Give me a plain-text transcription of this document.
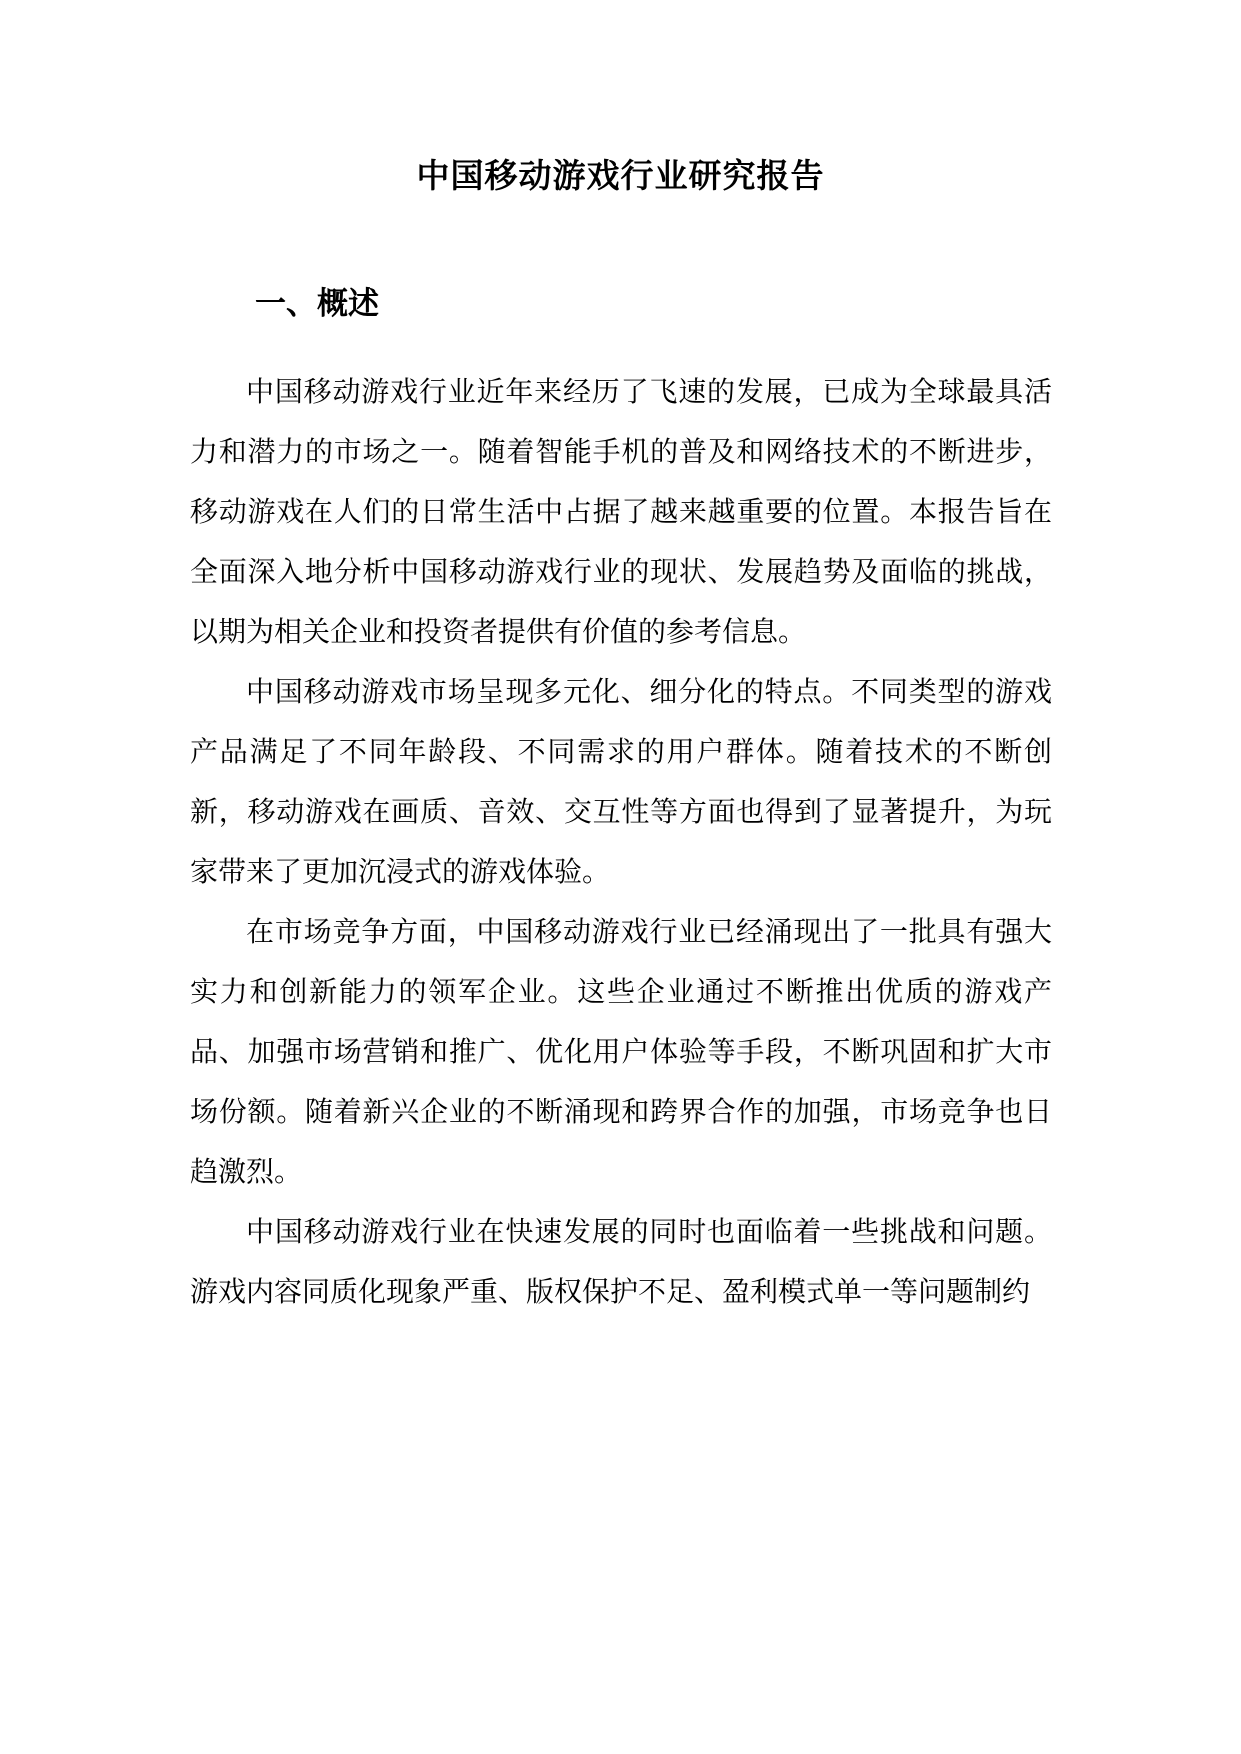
中国移动游戏行业研究报告
一、概述

中国移动游戏行业近年来经历了飞速的发展，已成为全球最具活力和潜力的市场之一。随着智能手机的普及和网络技术的不断进步，移动游戏在人们的日常生活中占据了越来越重要的位置。本报告旨在全面深入地分析中国移动游戏行业的现状、发展趋势及面临的挑战，以期为相关企业和投资者提供有价值的参考信息。

中国移动游戏市场呈现多元化、细分化的特点。不同类型的游戏产品满足了不同年龄段、不同需求的用户群体。随着技术的不断创新，移动游戏在画质、音效、交互性等方面也得到了显著提升，为玩家带来了更加沉浸式的游戏体验。

在市场竞争方面，中国移动游戏行业已经涌现出了一批具有强大实力和创新能力的领军企业。这些企业通过不断推出优质的游戏产品、加强市场营销和推广、优化用户体验等手段，不断巩固和扩大市场份额。随着新兴企业的不断涌现和跨界合作的加强，市场竞争也日趋激烈。

中国移动游戏行业在快速发展的同时也面临着一些挑战和问题。游戏内容同质化现象严重、版权保护不足、盈利模式单一等问题制约
